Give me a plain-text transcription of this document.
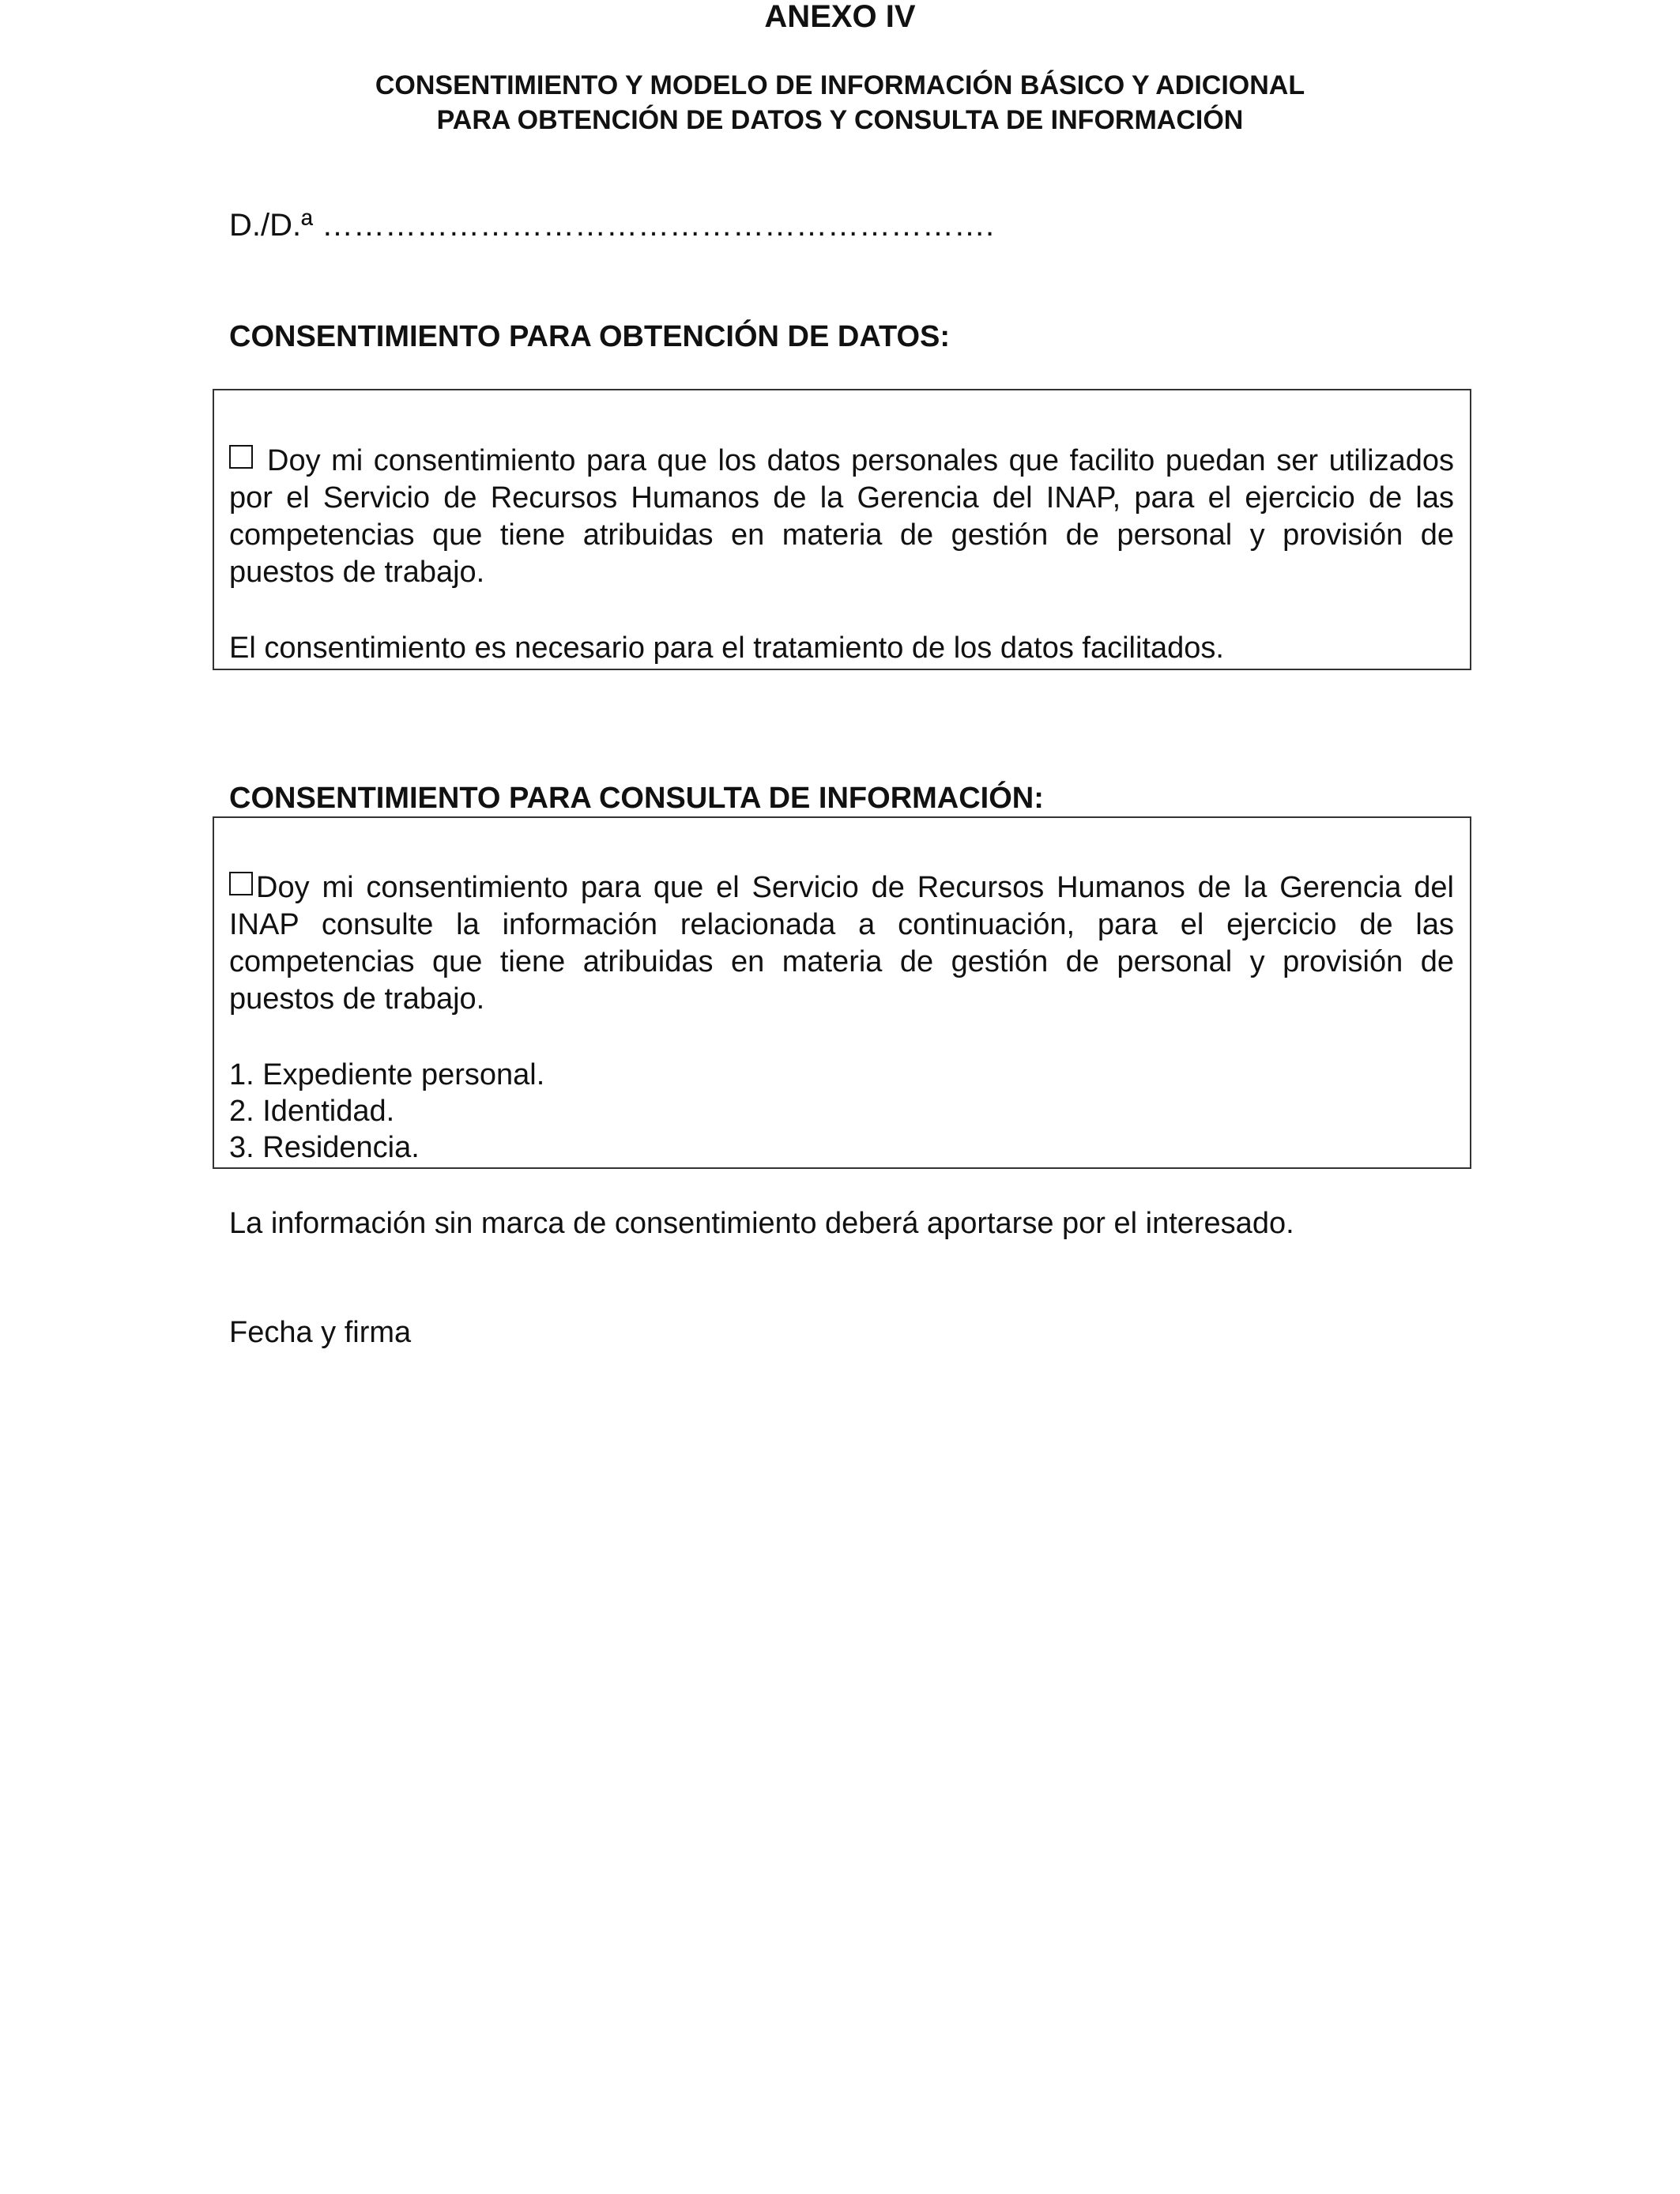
ANEXO IV
CONSENTIMIENTO Y MODELO DE INFORMACIÓN BÁSICO Y ADICIONAL
PARA OBTENCIÓN DE DATOS Y CONSULTA DE INFORMACIÓN
D./D.ª ……………………………………………………….
CONSENTIMIENTO PARA OBTENCIÓN DE DATOS:
Doy mi consentimiento para que los datos personales que facilito puedan ser utilizados por el Servicio de Recursos Humanos de la Gerencia del INAP, para el ejercicio de las competencias que tiene atribuidas en materia de gestión de personal y provisión de puestos de trabajo.
El consentimiento es necesario para el tratamiento de los datos facilitados.
CONSENTIMIENTO PARA CONSULTA DE INFORMACIÓN:
Doy mi consentimiento para que el Servicio de Recursos Humanos de la Gerencia del INAP consulte la información relacionada a continuación, para el ejercicio de las competencias que tiene atribuidas en materia de gestión de personal y provisión de puestos de trabajo.
1. Expediente personal.
2. Identidad.
3. Residencia.
La información sin marca de consentimiento deberá aportarse por el interesado.
Fecha y firma
